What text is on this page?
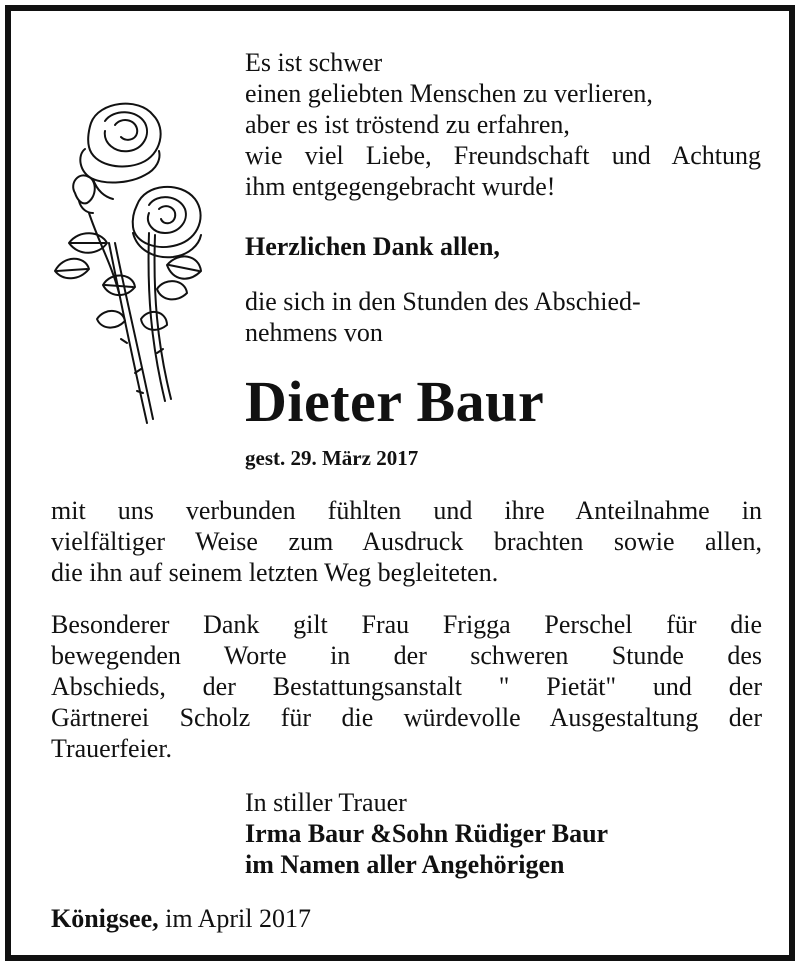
Es ist schwer
einen geliebten Menschen zu verlieren,
aber es ist tröstend zu erfahren,
wie viel Liebe, Freundschaft und Achtung
ihm entgegengebracht wurde!
Herzlichen Dank allen,
die sich in den Stunden des Abschied-
nehmens von
Dieter Baur
gest. 29. März 2017
mit uns verbunden fühlten und ihre Anteilnahme in
vielfältiger Weise zum Ausdruck brachten sowie allen,
die ihn auf seinem letzten Weg begleiteten.
Besonderer Dank gilt Frau Frigga Perschel für die
bewegenden Worte in der schweren Stunde des
Abschieds, der Bestattungsanstalt " Pietät" und der
Gärtnerei Scholz für die würdevolle Ausgestaltung der
Trauerfeier.
In stiller Trauer
Irma Baur &Sohn Rüdiger Baur
im Namen aller Angehörigen
Königsee, im April 2017
